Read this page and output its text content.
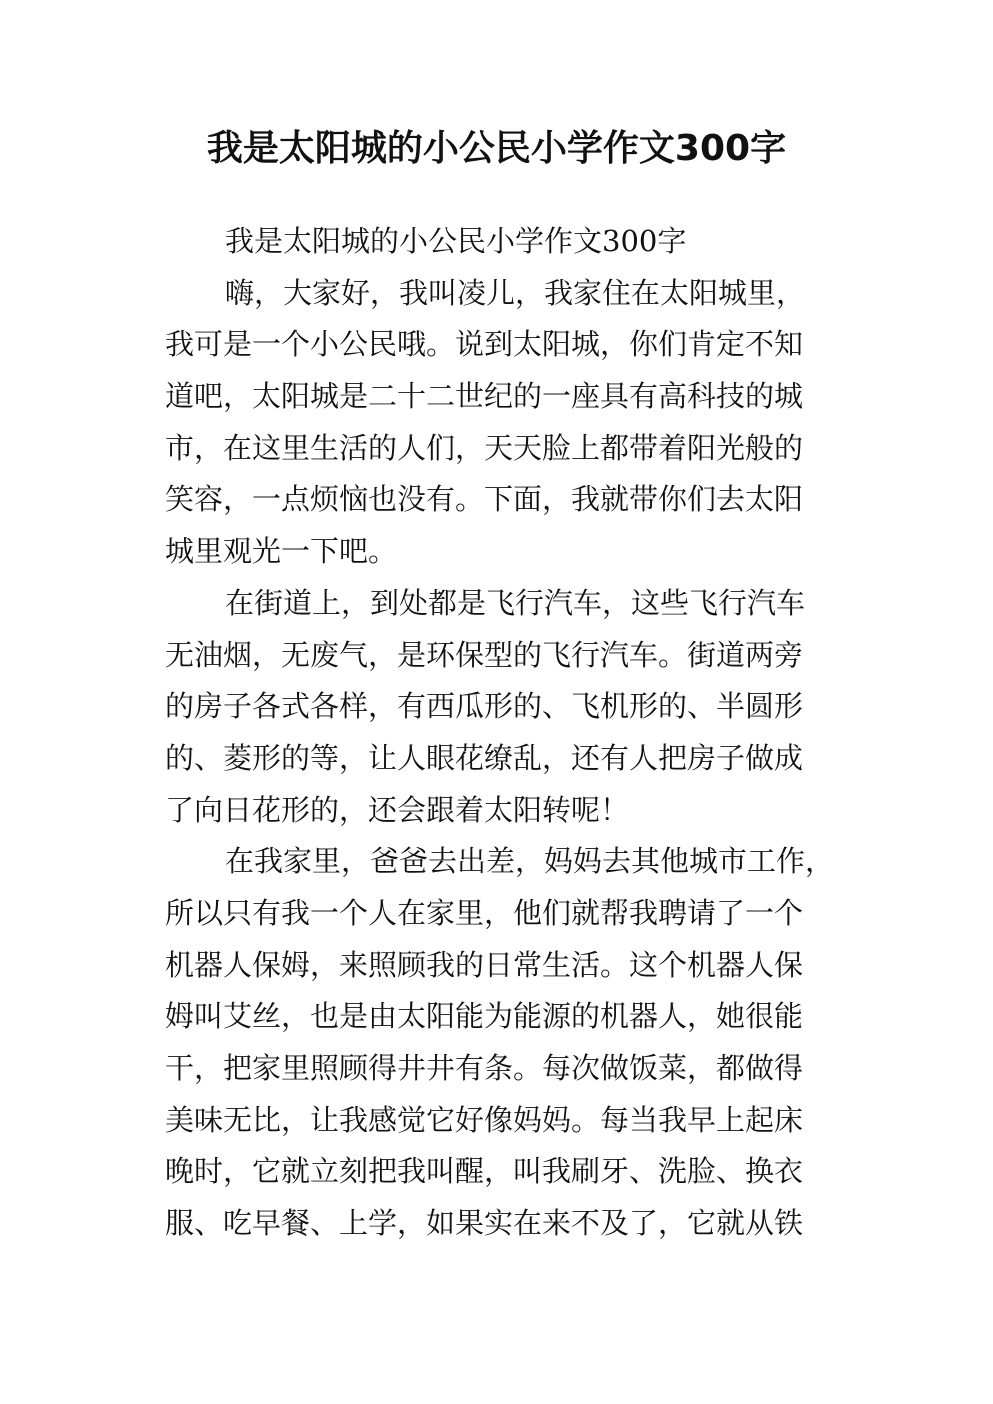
我是太阳城的小公民小学作文300字
我是太阳城的小公民小学作文300字
嗨，大家好，我叫凌儿，我家住在太阳城里，
我可是一个小公民哦。说到太阳城，你们肯定不知
道吧，太阳城是二十二世纪的一座具有高科技的城
市，在这里生活的人们，天天脸上都带着阳光般的
笑容，一点烦恼也没有。下面，我就带你们去太阳
城里观光一下吧。
在街道上，到处都是飞行汽车，这些飞行汽车
无油烟，无废气，是环保型的飞行汽车。街道两旁
的房子各式各样，有西瓜形的、飞机形的、半圆形
的、菱形的等，让人眼花缭乱，还有人把房子做成
了向日花形的，还会跟着太阳转呢！
在我家里，爸爸去出差，妈妈去其他城市工作，
所以只有我一个人在家里，他们就帮我聘请了一个
机器人保姆，来照顾我的日常生活。这个机器人保
姆叫艾丝，也是由太阳能为能源的机器人，她很能
干，把家里照顾得井井有条。每次做饭菜，都做得
美味无比，让我感觉它好像妈妈。每当我早上起床
晚时，它就立刻把我叫醒，叫我刷牙、洗脸、换衣
服、吃早餐、上学，如果实在来不及了，它就从铁
